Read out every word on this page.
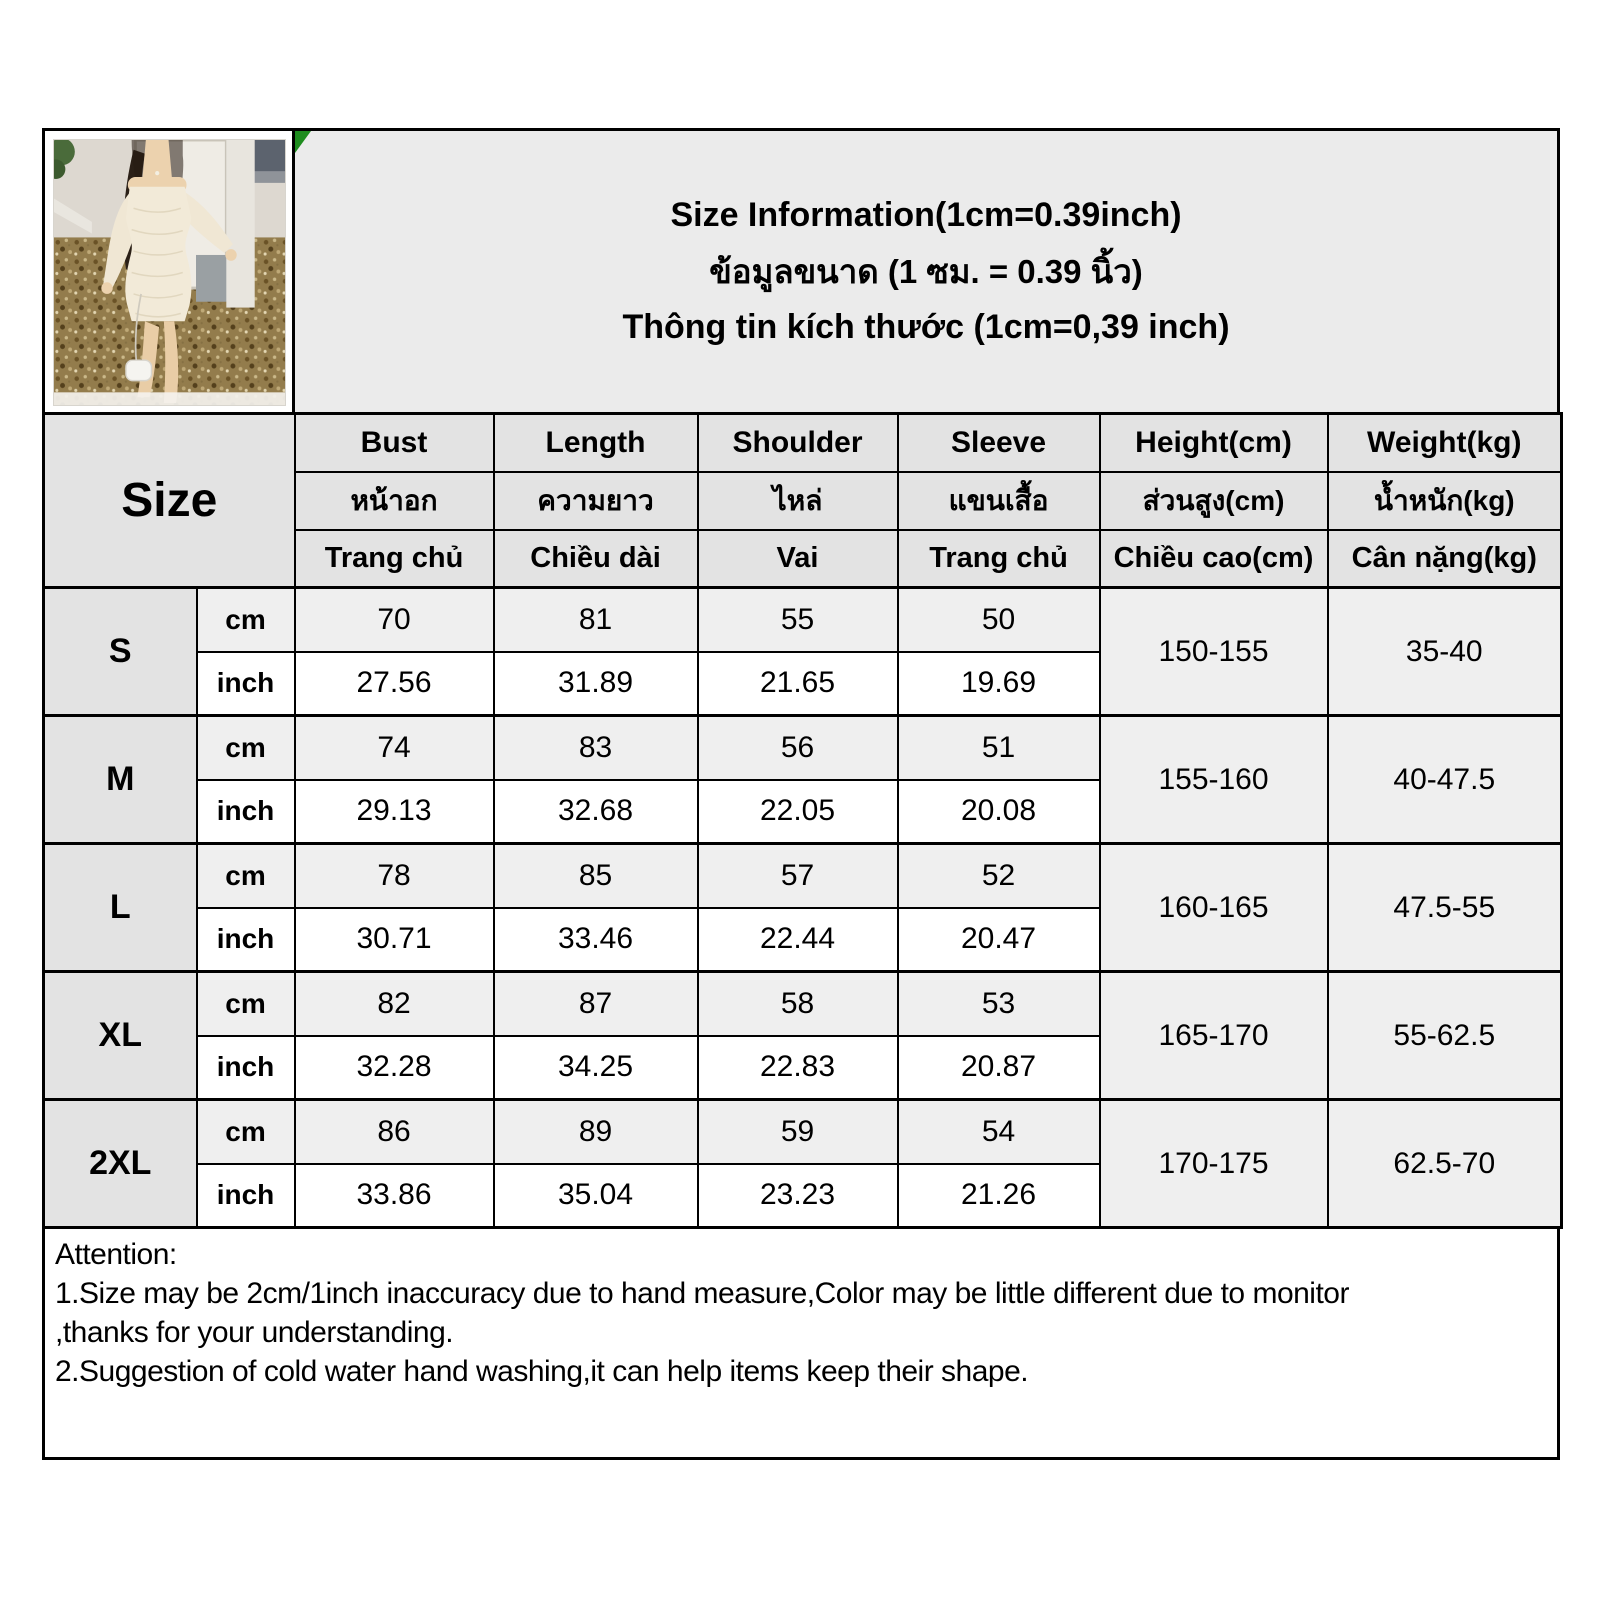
Size Information(1cm=0.39inch)
ข้อมูลขนาด (1 ซม. = 0.39 นิ้ว)
Thông tin kích thước (1cm=0,39 inch)
Size		Bust	Length	Shoulder	Sleeve	Height(cm)	Weight(kg)
		หน้าอก	ความยาว	ไหล่	แขนเสื้อ	ส่วนสูง(cm)	น้ำหนัก(kg)
		Trang chủ	Chiều dài	Vai	Trang chủ	Chiều cao(cm)	Cân nặng(kg)
S	cm	70	81	55	50	150-155	35-40
	inch	27.56	31.89	21.65	19.69		
M	cm	74	83	56	51	155-160	40-47.5
	inch	29.13	32.68	22.05	20.08		
L	cm	78	85	57	52	160-165	47.5-55
	inch	30.71	33.46	22.44	20.47		
XL	cm	82	87	58	53	165-170	55-62.5
	inch	32.28	34.25	22.83	20.87		
2XL	cm	86	89	59	54	170-175	62.5-70
	inch	33.86	35.04	23.23	21.26		
Attention:
1.Size may be 2cm/1inch inaccuracy due to hand measure,Color may be little different due to monitor
,thanks for your understanding.
2.Suggestion of cold water hand washing,it can help items keep their shape.
